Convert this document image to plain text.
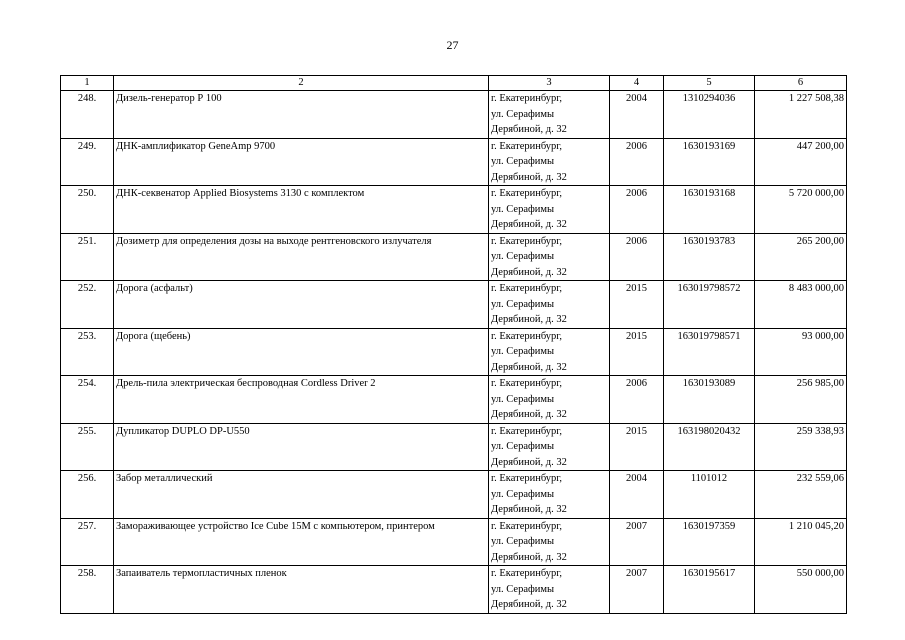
27
1	2	3	4	5	6
248.	Дизель-генератор Р 100	г. Екатеринбург,
ул. Серафимы
Дерябиной, д. 32	2004	1310294036	1 227 508,38
249.	ДНК-амплификатор GeneAmp 9700	г. Екатеринбург,
ул. Серафимы
Дерябиной, д. 32	2006	1630193169	447 200,00
250.	ДНК-секвенатор Applied Biosystems 3130 с комплектом	г. Екатеринбург,
ул. Серафимы
Дерябиной, д. 32	2006	1630193168	5 720 000,00
251.	Дозиметр для определения дозы на выходе рентгеновского излучателя	г. Екатеринбург,
ул. Серафимы
Дерябиной, д. 32	2006	1630193783	265 200,00
252.	Дорога (асфальт)	г. Екатеринбург,
ул. Серафимы
Дерябиной, д. 32	2015	163019798572	8 483 000,00
253.	Дорога (щебень)	г. Екатеринбург,
ул. Серафимы
Дерябиной, д. 32	2015	163019798571	93 000,00
254.	Дрель-пила электрическая беспроводная Cordless Driver 2	г. Екатеринбург,
ул. Серафимы
Дерябиной, д. 32	2006	1630193089	256 985,00
255.	Дупликатор DUPLO DP-U550	г. Екатеринбург,
ул. Серафимы
Дерябиной, д. 32	2015	163198020432	259 338,93
256.	Забор металлический	г. Екатеринбург,
ул. Серафимы
Дерябиной, д. 32	2004	1101012	232 559,06
257.	Замораживающее устройство Ice Cube 15M с компьютером, принтером	г. Екатеринбург,
ул. Серафимы
Дерябиной, д. 32	2007	1630197359	1 210 045,20
258.	Запаиватель термопластичных пленок	г. Екатеринбург,
ул. Серафимы
Дерябиной, д. 32	2007	1630195617	550 000,00
